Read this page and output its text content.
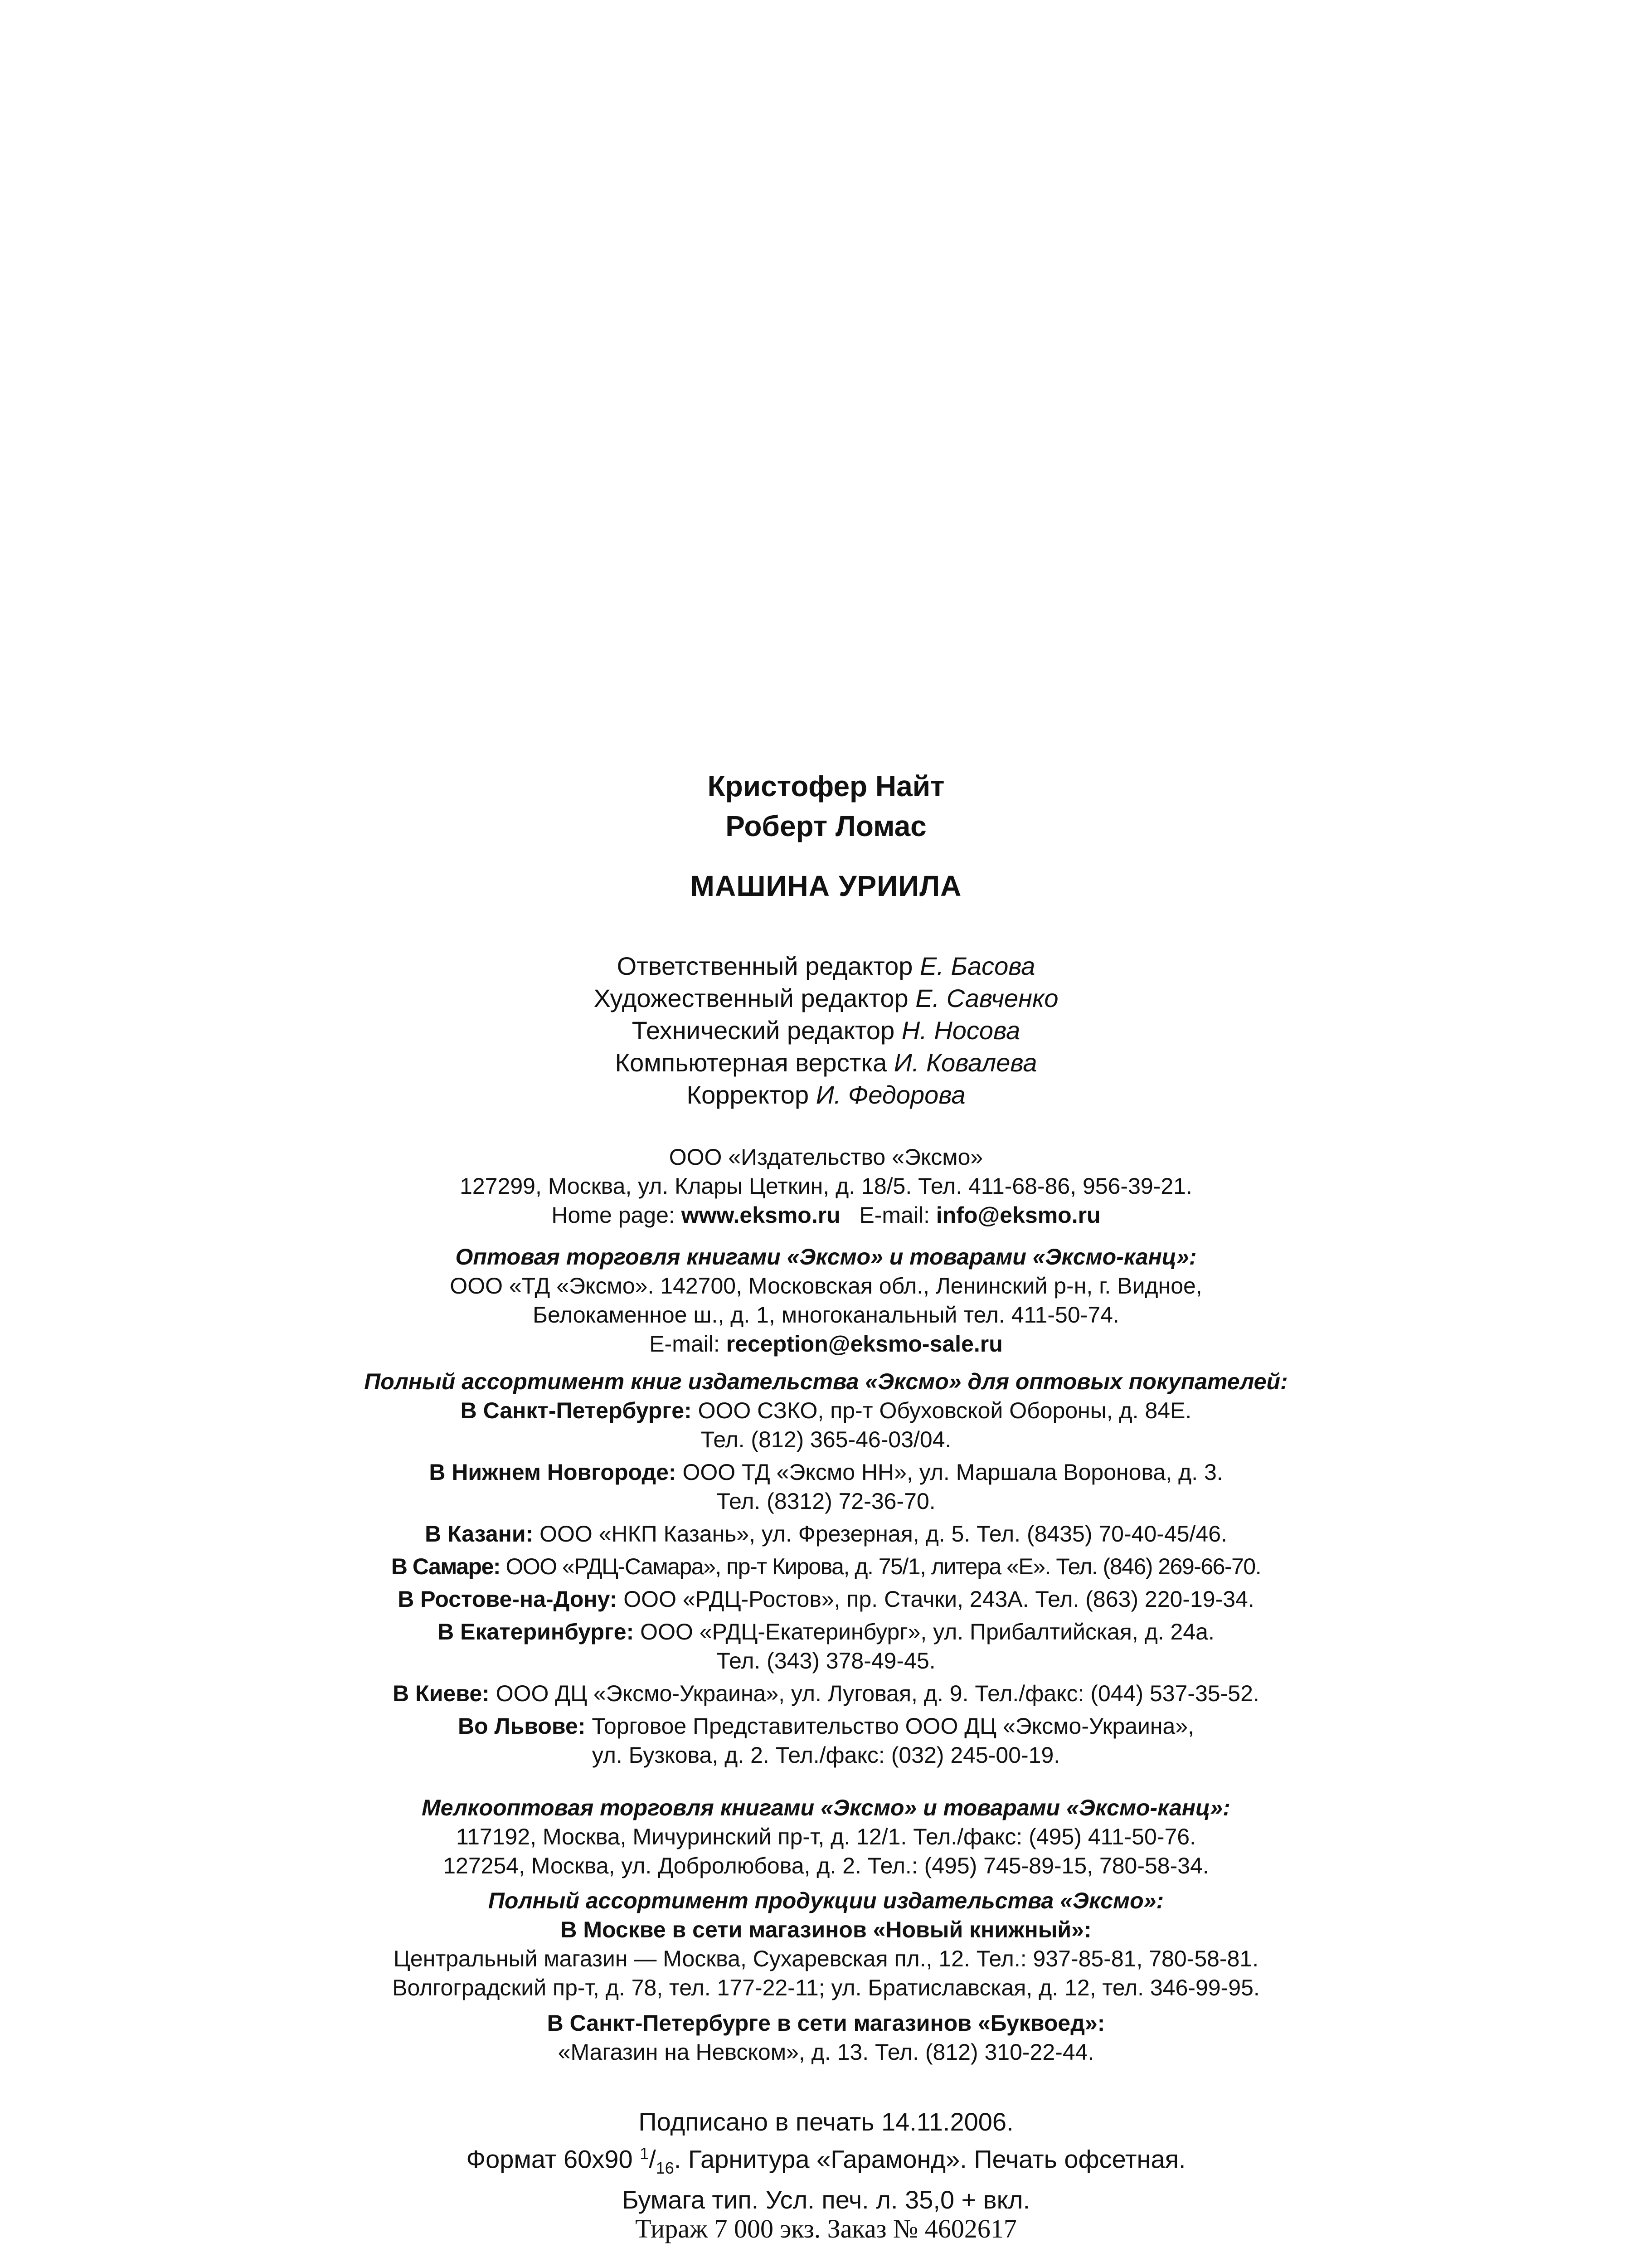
Кристофер Найт
Роберт Ломас
МАШИНА УРИИЛА
Ответственный редактор Е. Басова
Художественный редактор Е. Савченко
Технический редактор Н. Носова
Компьютерная верстка И. Ковалева
Корректор И. Федорова
ООО «Издательство «Эксмо»
127299, Москва, ул. Клары Цеткин, д. 18/5. Тел. 411-68-86, 956-39-21.
Home page: www.eksmo.ru E-mail: info@eksmo.ru
Оптовая торговля книгами «Эксмо» и товарами «Эксмо-канц»:
ООО «ТД «Эксмо». 142700, Московская обл., Ленинский р-н, г. Видное,
Белокаменное ш., д. 1, многоканальный тел. 411-50-74.
E-mail: reception@eksmo-sale.ru
Полный ассортимент книг издательства «Эксмо» для оптовых покупателей:
В Санкт-Петербурге: ООО СЗКО, пр-т Обуховской Обороны, д. 84Е.
Тел. (812) 365-46-03/04.
В Нижнем Новгороде: ООО ТД «Эксмо НН», ул. Маршала Воронова, д. 3.
Тел. (8312) 72-36-70.
В Казани: ООО «НКП Казань», ул. Фрезерная, д. 5. Тел. (8435) 70-40-45/46.
В Самаре: ООО «РДЦ-Самара», пр-т Кирова, д. 75/1, литера «Е». Тел. (846) 269-66-70.
В Ростове-на-Дону: ООО «РДЦ-Ростов», пр. Стачки, 243А. Тел. (863) 220-19-34.
В Екатеринбурге: ООО «РДЦ-Екатеринбург», ул. Прибалтийская, д. 24а.
Тел. (343) 378-49-45.
В Киеве: ООО ДЦ «Эксмо-Украина», ул. Луговая, д. 9. Тел./факс: (044) 537-35-52.
Во Львове: Торговое Представительство ООО ДЦ «Эксмо-Украина»,
ул. Бузкова, д. 2. Тел./факс: (032) 245-00-19.
Мелкооптовая торговля книгами «Эксмо» и товарами «Эксмо-канц»:
117192, Москва, Мичуринский пр-т, д. 12/1. Тел./факс: (495) 411-50-76.
127254, Москва, ул. Добролюбова, д. 2. Тел.: (495) 745-89-15, 780-58-34.
Полный ассортимент продукции издательства «Эксмо»:
В Москве в сети магазинов «Новый книжный»:
Центральный магазин — Москва, Сухаревская пл., 12. Тел.: 937-85-81, 780-58-81.
Волгоградский пр-т, д. 78, тел. 177-22-11; ул. Братиславская, д. 12, тел. 346-99-95.
В Санкт-Петербурге в сети магазинов «Буквоед»:
«Магазин на Невском», д. 13. Тел. (812) 310-22-44.
Подписано в печать 14.11.2006.
Формат 60х90 $^1/_{16}$. Гарнитура «Гарамонд». Печать офсетная.
Бумага тип. Усл. печ. л. 35,0 + вкл.
Тираж 7 000 экз. Заказ № 4602617
